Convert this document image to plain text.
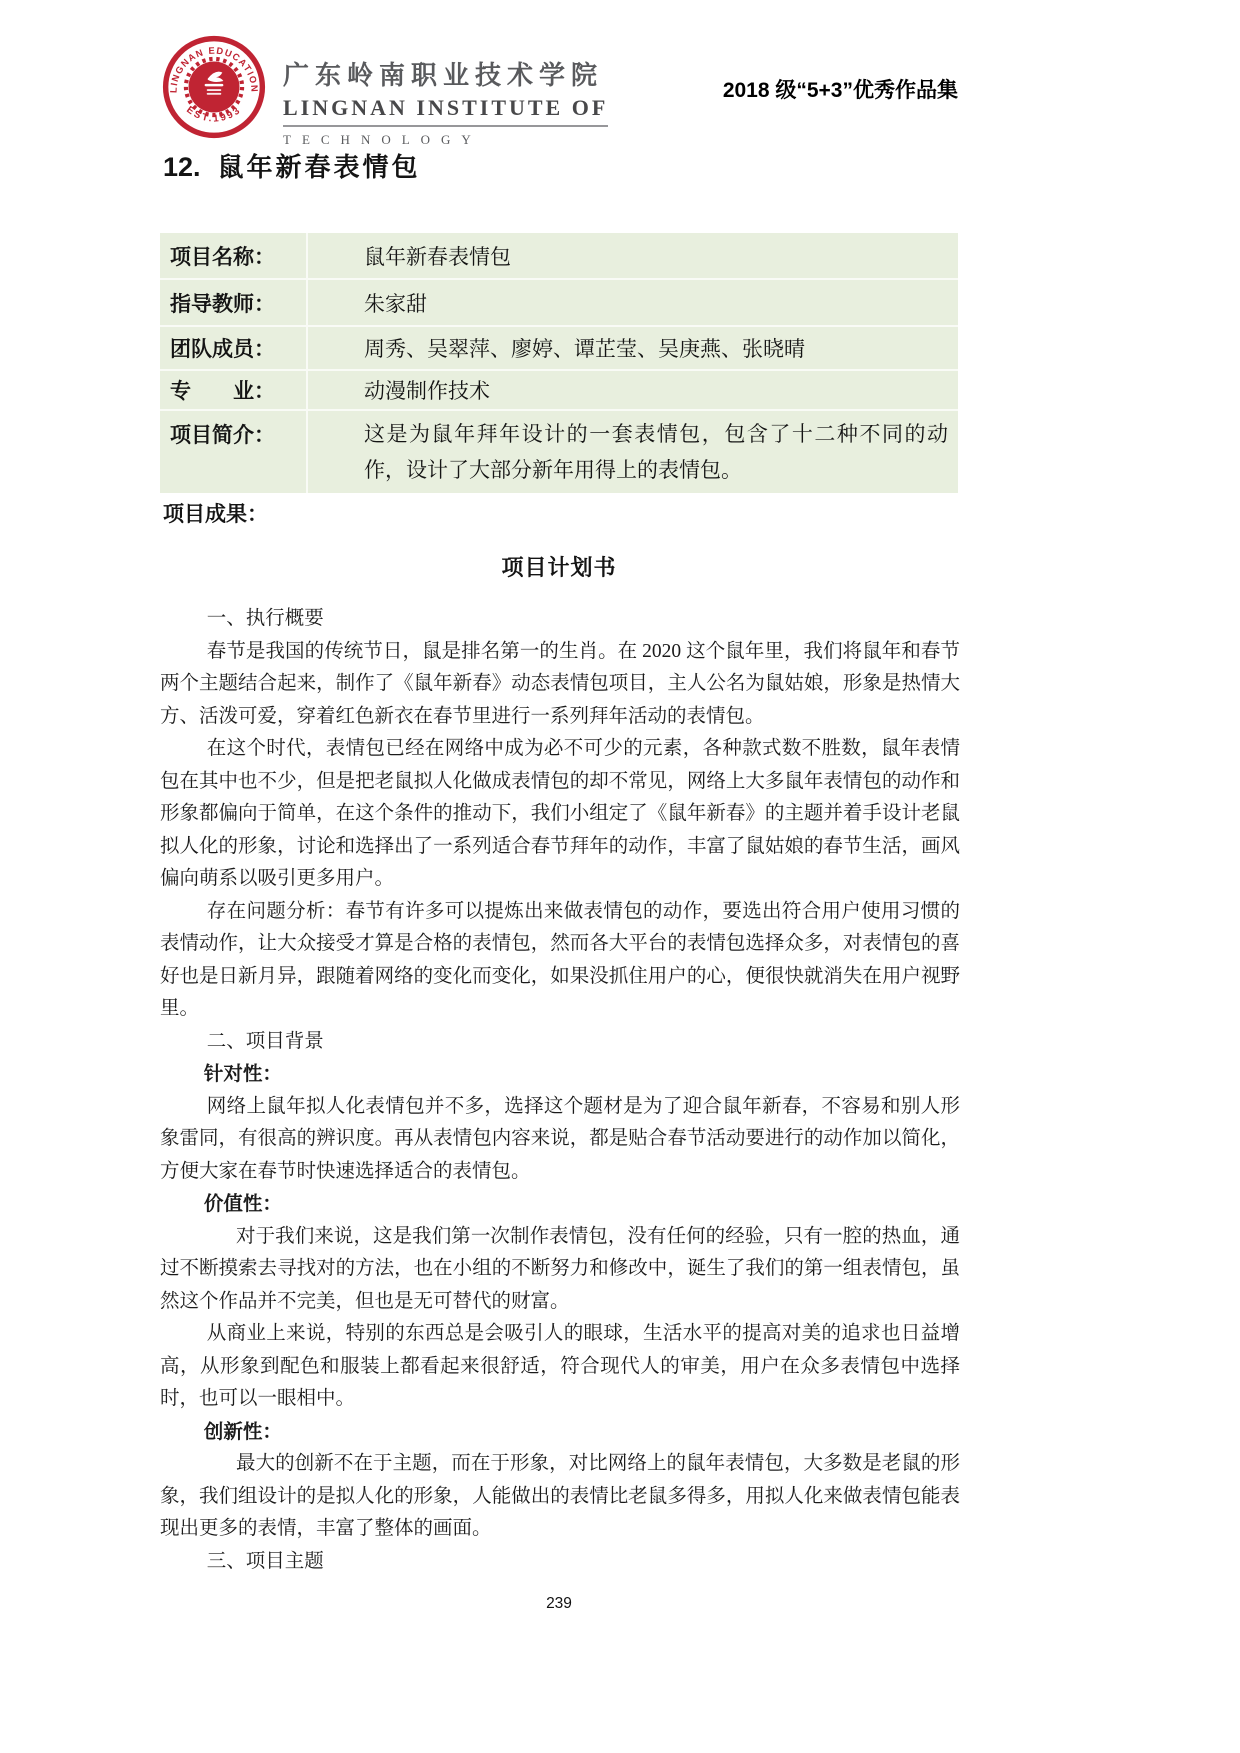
LINGNAN EDUCATION
EST.1993
广东岭南职业技术学院
LINGNAN INSTITUTE OF
TECHNOLOGY
2018 级“5+3”优秀作品集
12. 鼠年新春表情包
项目名称：	鼠年新春表情包
指导教师：	朱家甜
团队成员：	周秀、吴翠萍、廖婷、谭芷莹、吴庚燕、张晓晴
专　　业：	动漫制作技术
项目简介：	这是为鼠年拜年设计的一套表情包，包含了十二种不同的动作，设计了大部分新年用得上的表情包。
项目成果：
项目计划书

一、执行概要

春节是我国的传统节日，鼠是排名第一的生肖。在 2020 这个鼠年里，我们将鼠年和春节两个主题结合起来，制作了《鼠年新春》动态表情包项目，主人公名为鼠姑娘，形象是热情大方、活泼可爱，穿着红色新衣在春节里进行一系列拜年活动的表情包。

在这个时代，表情包已经在网络中成为必不可少的元素，各种款式数不胜数，鼠年表情包在其中也不少，但是把老鼠拟人化做成表情包的却不常见，网络上大多鼠年表情包的动作和形象都偏向于简单，在这个条件的推动下，我们小组定了《鼠年新春》的主题并着手设计老鼠拟人化的形象，讨论和选择出了一系列适合春节拜年的动作，丰富了鼠姑娘的春节生活，画风偏向萌系以吸引更多用户。

存在问题分析：春节有许多可以提炼出来做表情包的动作，要选出符合用户使用习惯的表情动作，让大众接受才算是合格的表情包，然而各大平台的表情包选择众多，对表情包的喜好也是日新月异，跟随着网络的变化而变化，如果没抓住用户的心，便很快就消失在用户视野里。

二、项目背景

针对性：

网络上鼠年拟人化表情包并不多，选择这个题材是为了迎合鼠年新春，不容易和别人形象雷同，有很高的辨识度。再从表情包内容来说，都是贴合春节活动要进行的动作加以简化，方便大家在春节时快速选择适合的表情包。

价值性：

对于我们来说，这是我们第一次制作表情包，没有任何的经验，只有一腔的热血，通过不断摸索去寻找对的方法，也在小组的不断努力和修改中，诞生了我们的第一组表情包，虽然这个作品并不完美，但也是无可替代的财富。

从商业上来说，特别的东西总是会吸引人的眼球，生活水平的提高对美的追求也日益增高，从形象到配色和服装上都看起来很舒适，符合现代人的审美，用户在众多表情包中选择时，也可以一眼相中。

创新性：

最大的创新不在于主题，而在于形象，对比网络上的鼠年表情包，大多数是老鼠的形象，我们组设计的是拟人化的形象，人能做出的表情比老鼠多得多，用拟人化来做表情包能表现出更多的表情，丰富了整体的画面。

三、项目主题

239
